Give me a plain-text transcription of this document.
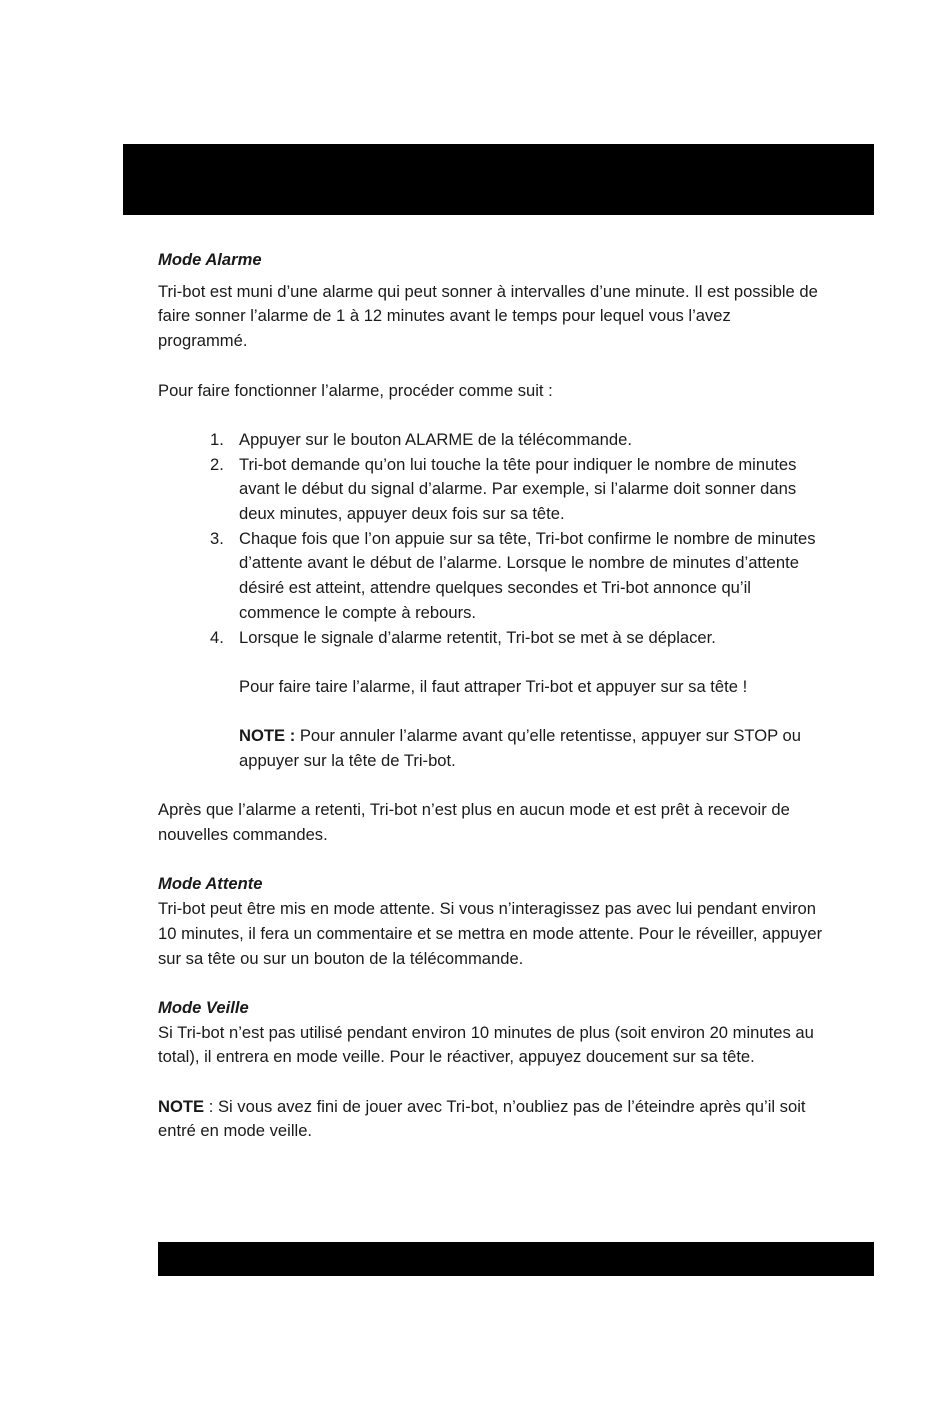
Mode Alarme

Tri-bot est muni d’une alarme qui peut sonner à intervalles d’une minute. Il est possible de faire sonner l’alarme de 1 à 12 minutes avant le temps pour lequel vous l’avez programmé.

Pour faire fonctionner l’alarme, procéder comme suit :

1. Appuyer sur le bouton ALARME de la télécommande.
2. Tri-bot demande qu’on lui touche la tête pour indiquer le nombre de minutes avant le début du signal d’alarme. Par exemple, si l’alarme doit sonner dans deux minutes, appuyer deux fois sur sa tête.
3. Chaque fois que l’on appuie sur sa tête, Tri-bot confirme le nombre de minutes d’attente avant le début de l’alarme. Lorsque le nombre de minutes d’attente désiré est atteint, attendre quelques secondes et Tri-bot annonce qu’il commence le compte à rebours.
4. Lorsque le signale d’alarme retentit, Tri-bot se met à se déplacer.

Pour faire taire l’alarme, il faut attraper Tri-bot et appuyer sur sa tête !

NOTE : Pour annuler l’alarme avant qu’elle retentisse, appuyer sur STOP ou appuyer sur la tête de Tri-bot.

Après que l’alarme a retenti, Tri-bot n’est plus en aucun mode et est prêt à recevoir de nouvelles commandes.

Mode Attente

Tri-bot peut être mis en mode attente. Si vous n’interagissez pas avec lui pendant environ 10 minutes, il fera un commentaire et se mettra en mode attente. Pour le réveiller, appuyer sur sa tête ou sur un bouton de la télécommande.

Mode Veille

Si Tri-bot n’est pas utilisé pendant environ 10 minutes de plus (soit environ 20 minutes au total), il entrera en mode veille. Pour le réactiver, appuyez doucement sur sa tête.

NOTE : Si vous avez fini de jouer avec Tri-bot, n’oubliez pas de l’éteindre après qu’il soit entré en mode veille.
